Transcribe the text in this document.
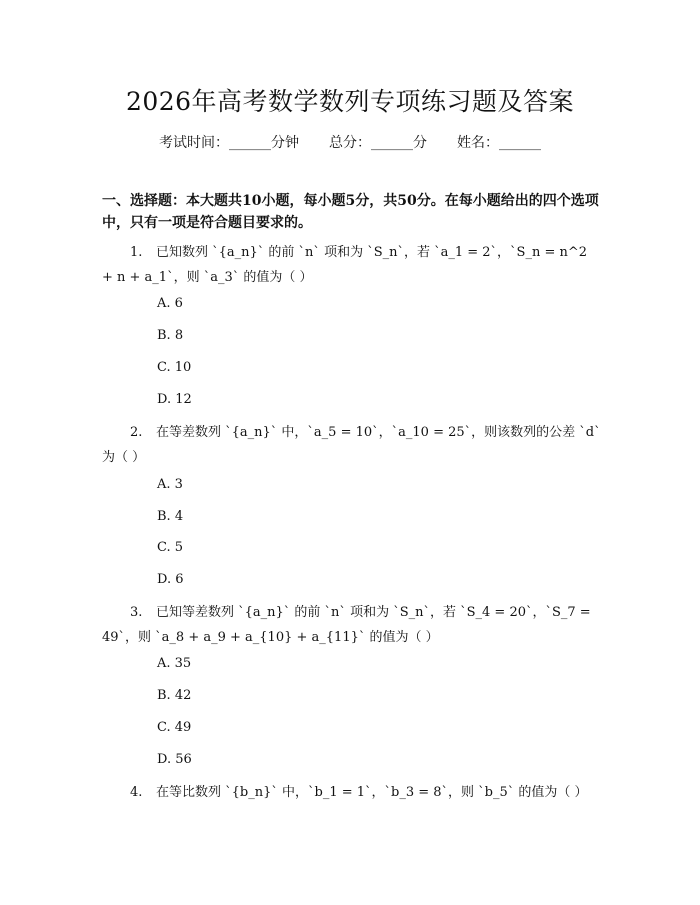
2026年高考数学数列专项练习题及答案
考试时间：______分钟 总分：______分 姓名：______
一、选择题：本大题共10小题，每小题5分，共50分。在每小题给出的四个选项中，只有一项是符合题目要求的。
1. 已知数列 `{a_n}` 的前 `n` 项和为 `S_n`，若 `a_1 = 2`，`S_n = n^2 + n + a_1`，则 `a_3` 的值为（ ）
A. 6
B. 8
C. 10
D. 12
2. 在等差数列 `{a_n}` 中，`a_5 = 10`，`a_10 = 25`，则该数列的公差 `d` 为（ ）
A. 3
B. 4
C. 5
D. 6
3. 已知等差数列 `{a_n}` 的前 `n` 项和为 `S_n`，若 `S_4 = 20`，`S_7 = 49`，则 `a_8 + a_9 + a_{10} + a_{11}` 的值为（ ）
A. 35
B. 42
C. 49
D. 56
4. 在等比数列 `{b_n}` 中，`b_1 = 1`，`b_3 = 8`，则 `b_5` 的值为（ ）
